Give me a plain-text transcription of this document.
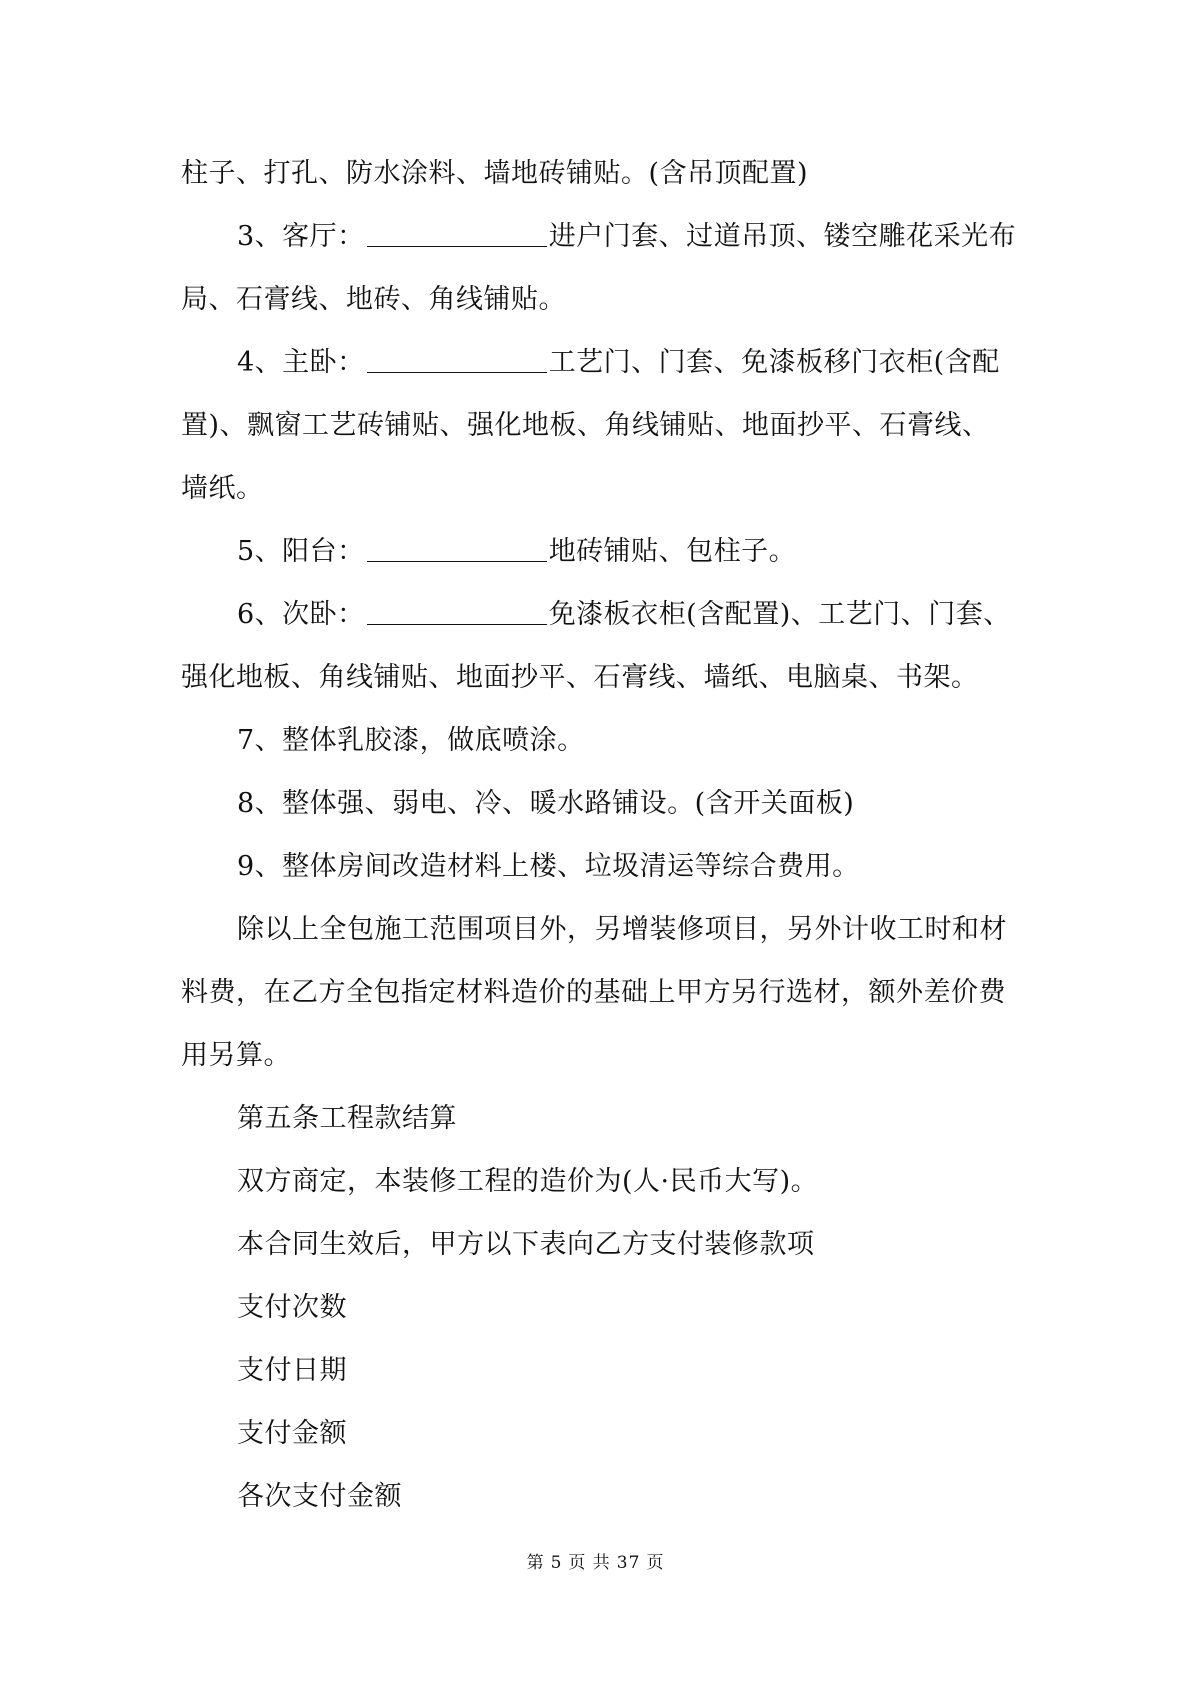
柱子、打孔、防水涂料、墙地砖铺贴。(含吊顶配置)
3、客厅：	进户门套、过道吊顶、镂空雕花采光布
局、石膏线、地砖、角线铺贴。
4、主卧：	工艺门、门套、免漆板移门衣柜(含配
置)、飘窗工艺砖铺贴、强化地板、角线铺贴、地面抄平、石膏线、
墙纸。
5、阳台：	地砖铺贴、包柱子。
6、次卧：	免漆板衣柜(含配置)、工艺门、门套、
强化地板、角线铺贴、地面抄平、石膏线、墙纸、电脑桌、书架。
7、整体乳胶漆，做底喷涂。
8、整体强、弱电、冷、暖水路铺设。(含开关面板)
9、整体房间改造材料上楼、垃圾清运等综合费用。
除以上全包施工范围项目外，另增装修项目，另外计收工时和材
料费，在乙方全包指定材料造价的基础上甲方另行选材，额外差价费
用另算。
第五条工程款结算
双方商定，本装修工程的造价为(人·民币大写)。
本合同生效后，甲方以下表向乙方支付装修款项
支付次数
支付日期
支付金额
各次支付金额
第 5 页 共 37 页
